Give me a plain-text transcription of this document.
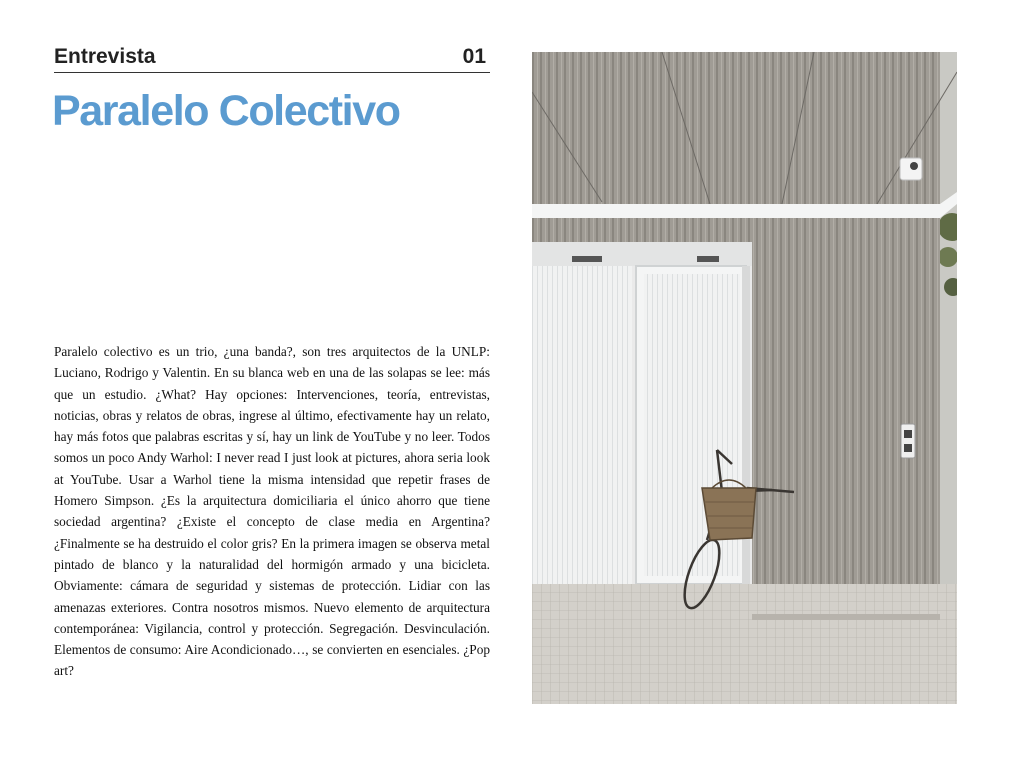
Entrevista	01
Paralelo Colectivo

Paralelo colectivo es un trio, ¿una banda?, son tres arquitectos de la UNLP: Luciano, Rodrigo y Valentin. En su blanca web en una de las solapas se lee: más que un estudio. ¿What? Hay opciones: Intervenciones, teoría, entrevistas, noticias, obras y relatos de obras, ingrese al último, efectivamente hay un relato, hay más fotos que palabras escritas y sí, hay un link de YouTube y no leer. Todos somos un poco Andy Warhol: I never read I just look at pictures, ahora seria look at YouTube. Usar a Warhol tiene la misma intensidad que repetir frases de Homero Simpson. ¿Es la arquitectura domiciliaria el único ahorro que tiene sociedad argentina? ¿Existe el concepto de clase media en Argentina? ¿Finalmente se ha destruido el color gris? En la primera imagen se observa metal pintado de blanco y la naturalidad del hormigón armado y una bicicleta. Obviamente: cámara de seguridad y sistemas de protección. Lidiar con las amenazas exteriores. Contra nosotros mismos. Nuevo elemento de arquitectura contemporánea: Vigilancia, control y protección. Segregación. Desvinculación. Elementos de consumo: Aire Acondicionado…, se convierten en esenciales. ¿Pop art?
